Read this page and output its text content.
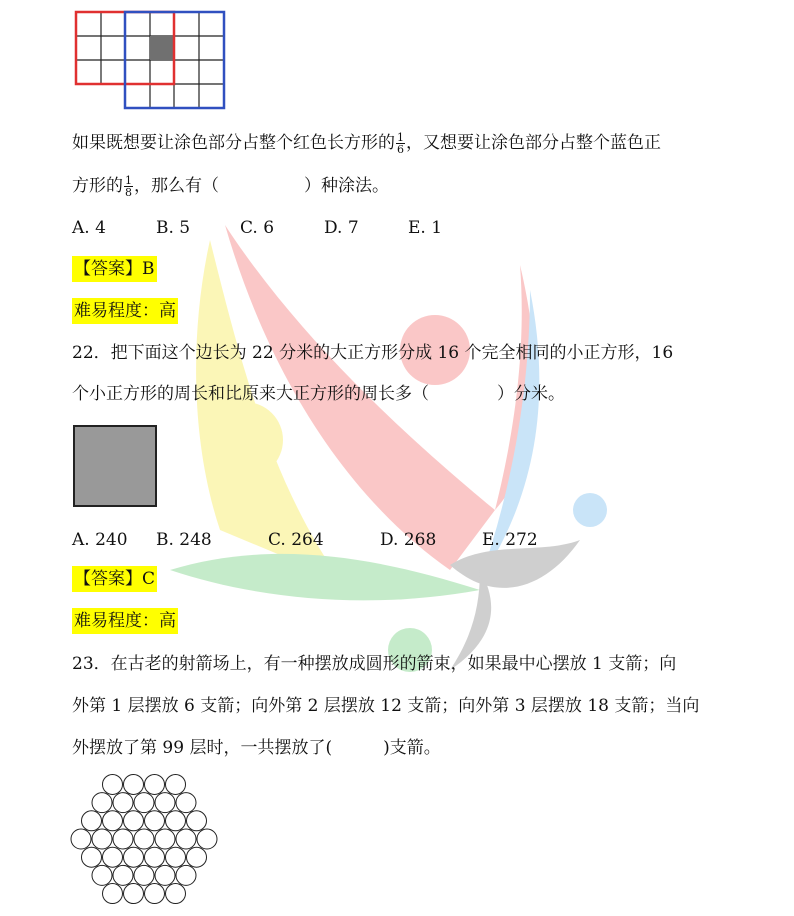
如果既想要让涂色部分占整个红色长方形的 $\frac{1}{6}$ ，又想要让涂色部分占整个蓝色正
方形的 $\frac{1}{8}$ ，那么有（　　　　　）种涂法。
A. 4	B. 5	C. 6	D. 7	E. 1
【答案】B
难易程度：高
22．把下面这个边长为 22 分米的大正方形分成 16 个完全相同的小正方形，16
个小正方形的周长和比原来大正方形的周长多（　　　　）分米。
A. 240 B. 248	C. 264	D. 268	E. 272
【答案】C
难易程度：高
23．在古老的射箭场上，有一种摆放成圆形的箭束，如果最中心摆放 1 支箭；向
外第 1 层摆放 6 支箭；向外第 2 层摆放 12 支箭；向外第 3 层摆放 18 支箭；当向
外摆放了第 99 层时，一共摆放了(　　　)支箭。
